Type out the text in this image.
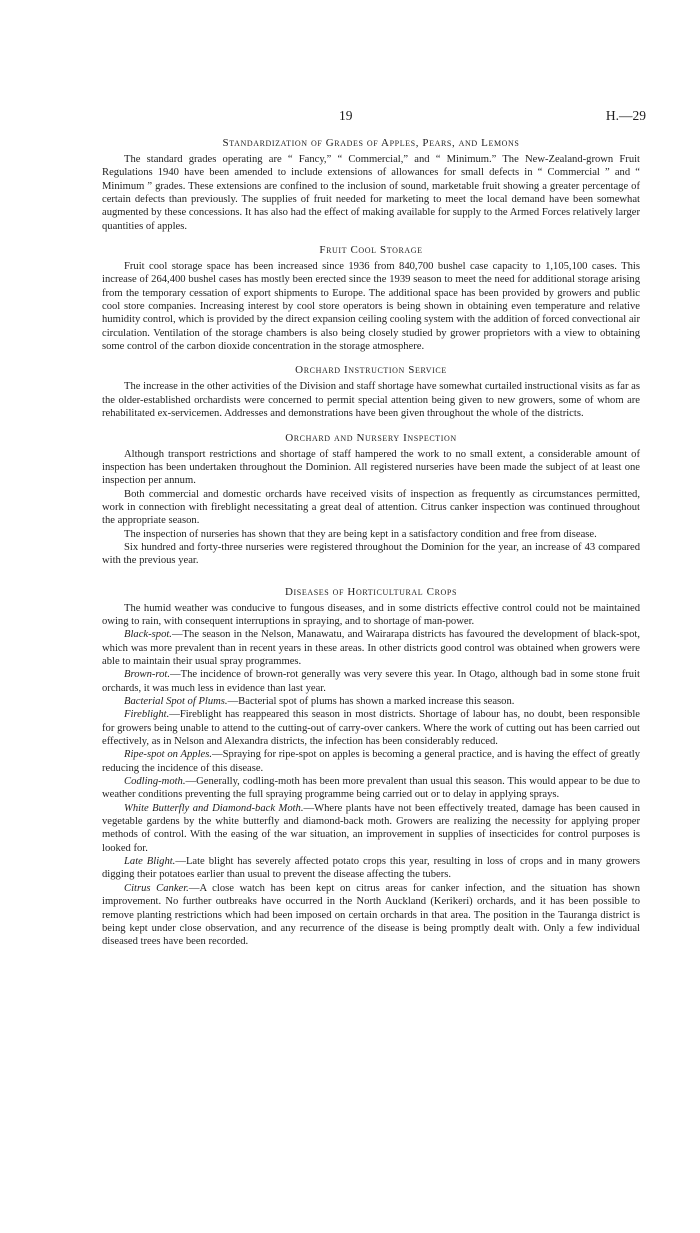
19	H.—29
Standardization of Grades of Apples, Pears, and Lemons

The standard grades operating are “ Fancy,” “ Commercial,” and “ Minimum.” The New-Zealand-grown Fruit Regulations 1940 have been amended to include extensions of allowances for small defects in “ Commercial ” and “ Minimum ” grades. These extensions are confined to the inclusion of sound, marketable fruit showing a greater percentage of certain defects than previously. The supplies of fruit needed for marketing to meet the local demand have been somewhat augmented by these concessions. It has also had the effect of making available for supply to the Armed Forces relatively larger quantities of apples.

Fruit Cool Storage

Fruit cool storage space has been increased since 1936 from 840,700 bushel case capacity to 1,105,100 cases. This increase of 264,400 bushel cases has mostly been erected since the 1939 season to meet the need for additional storage arising from the temporary cessation of export shipments to Europe. The additional space has been provided by growers and public cool store companies. Increasing interest by cool store operators is being shown in obtaining even temperature and relative humidity control, which is provided by the direct expansion ceiling cooling system with the addition of forced convectional air circulation. Ventilation of the storage chambers is also being closely studied by grower proprietors with a view to obtaining some control of the carbon dioxide concentration in the storage atmosphere.

Orchard Instruction Service

The increase in the other activities of the Division and staff shortage have somewhat curtailed instructional visits as far as the older-established orchardists were concerned to permit special attention being given to new growers, some of whom are rehabilitated ex-servicemen. Addresses and demonstrations have been given throughout the whole of the districts.

Orchard and Nursery Inspection

Although transport restrictions and shortage of staff hampered the work to no small extent, a considerable amount of inspection has been undertaken throughout the Dominion. All registered nurseries have been made the subject of at least one inspection per annum.

Both commercial and domestic orchards have received visits of inspection as frequently as circumstances permitted, work in connection with fireblight necessitating a great deal of attention. Citrus canker inspection was continued throughout the appropriate season.

The inspection of nurseries has shown that they are being kept in a satisfactory condition and free from disease.

Six hundred and forty-three nurseries were registered throughout the Dominion for the year, an increase of 43 compared with the previous year.

Diseases of Horticultural Crops

The humid weather was conducive to fungous diseases, and in some districts effective control could not be maintained owing to rain, with consequent interruptions in spraying, and to shortage of man-power.

Black-spot.—The season in the Nelson, Manawatu, and Wairarapa districts has favoured the development of black-spot, which was more prevalent than in recent years in these areas. In other districts good control was obtained when growers were able to maintain their usual spray programmes.

Brown-rot.—The incidence of brown-rot generally was very severe this year. In Otago, although bad in some stone fruit orchards, it was much less in evidence than last year.

Bacterial Spot of Plums.—Bacterial spot of plums has shown a marked increase this season.

Fireblight.—Fireblight has reappeared this season in most districts. Shortage of labour has, no doubt, been responsible for growers being unable to attend to the cutting-out of carry-over cankers. Where the work of cutting out has been carried out effectively, as in Nelson and Alexandra districts, the infection has been considerably reduced.

Ripe-spot on Apples.—Spraying for ripe-spot on apples is becoming a general practice, and is having the effect of greatly reducing the incidence of this disease.

Codling-moth.—Generally, codling-moth has been more prevalent than usual this season. This would appear to be due to weather conditions preventing the full spraying programme being carried out or to delay in applying sprays.

White Butterfly and Diamond-back Moth.—Where plants have not been effectively treated, damage has been caused in vegetable gardens by the white butterfly and diamond-back moth. Growers are realizing the necessity for applying proper methods of control. With the easing of the war situation, an improvement in supplies of insecticides for control purposes is looked for.

Late Blight.—Late blight has severely affected potato crops this year, resulting in loss of crops and in many growers digging their potatoes earlier than usual to prevent the disease affecting the tubers.

Citrus Canker.—A close watch has been kept on citrus areas for canker infection, and the situation has shown improvement. No further outbreaks have occurred in the North Auckland (Kerikeri) orchards, and it has been possible to remove planting restrictions which had been imposed on certain orchards in that area. The position in the Tauranga district is being kept under close observation, and any recurrence of the disease is being promptly dealt with. Only a few individual diseased trees have been recorded.
